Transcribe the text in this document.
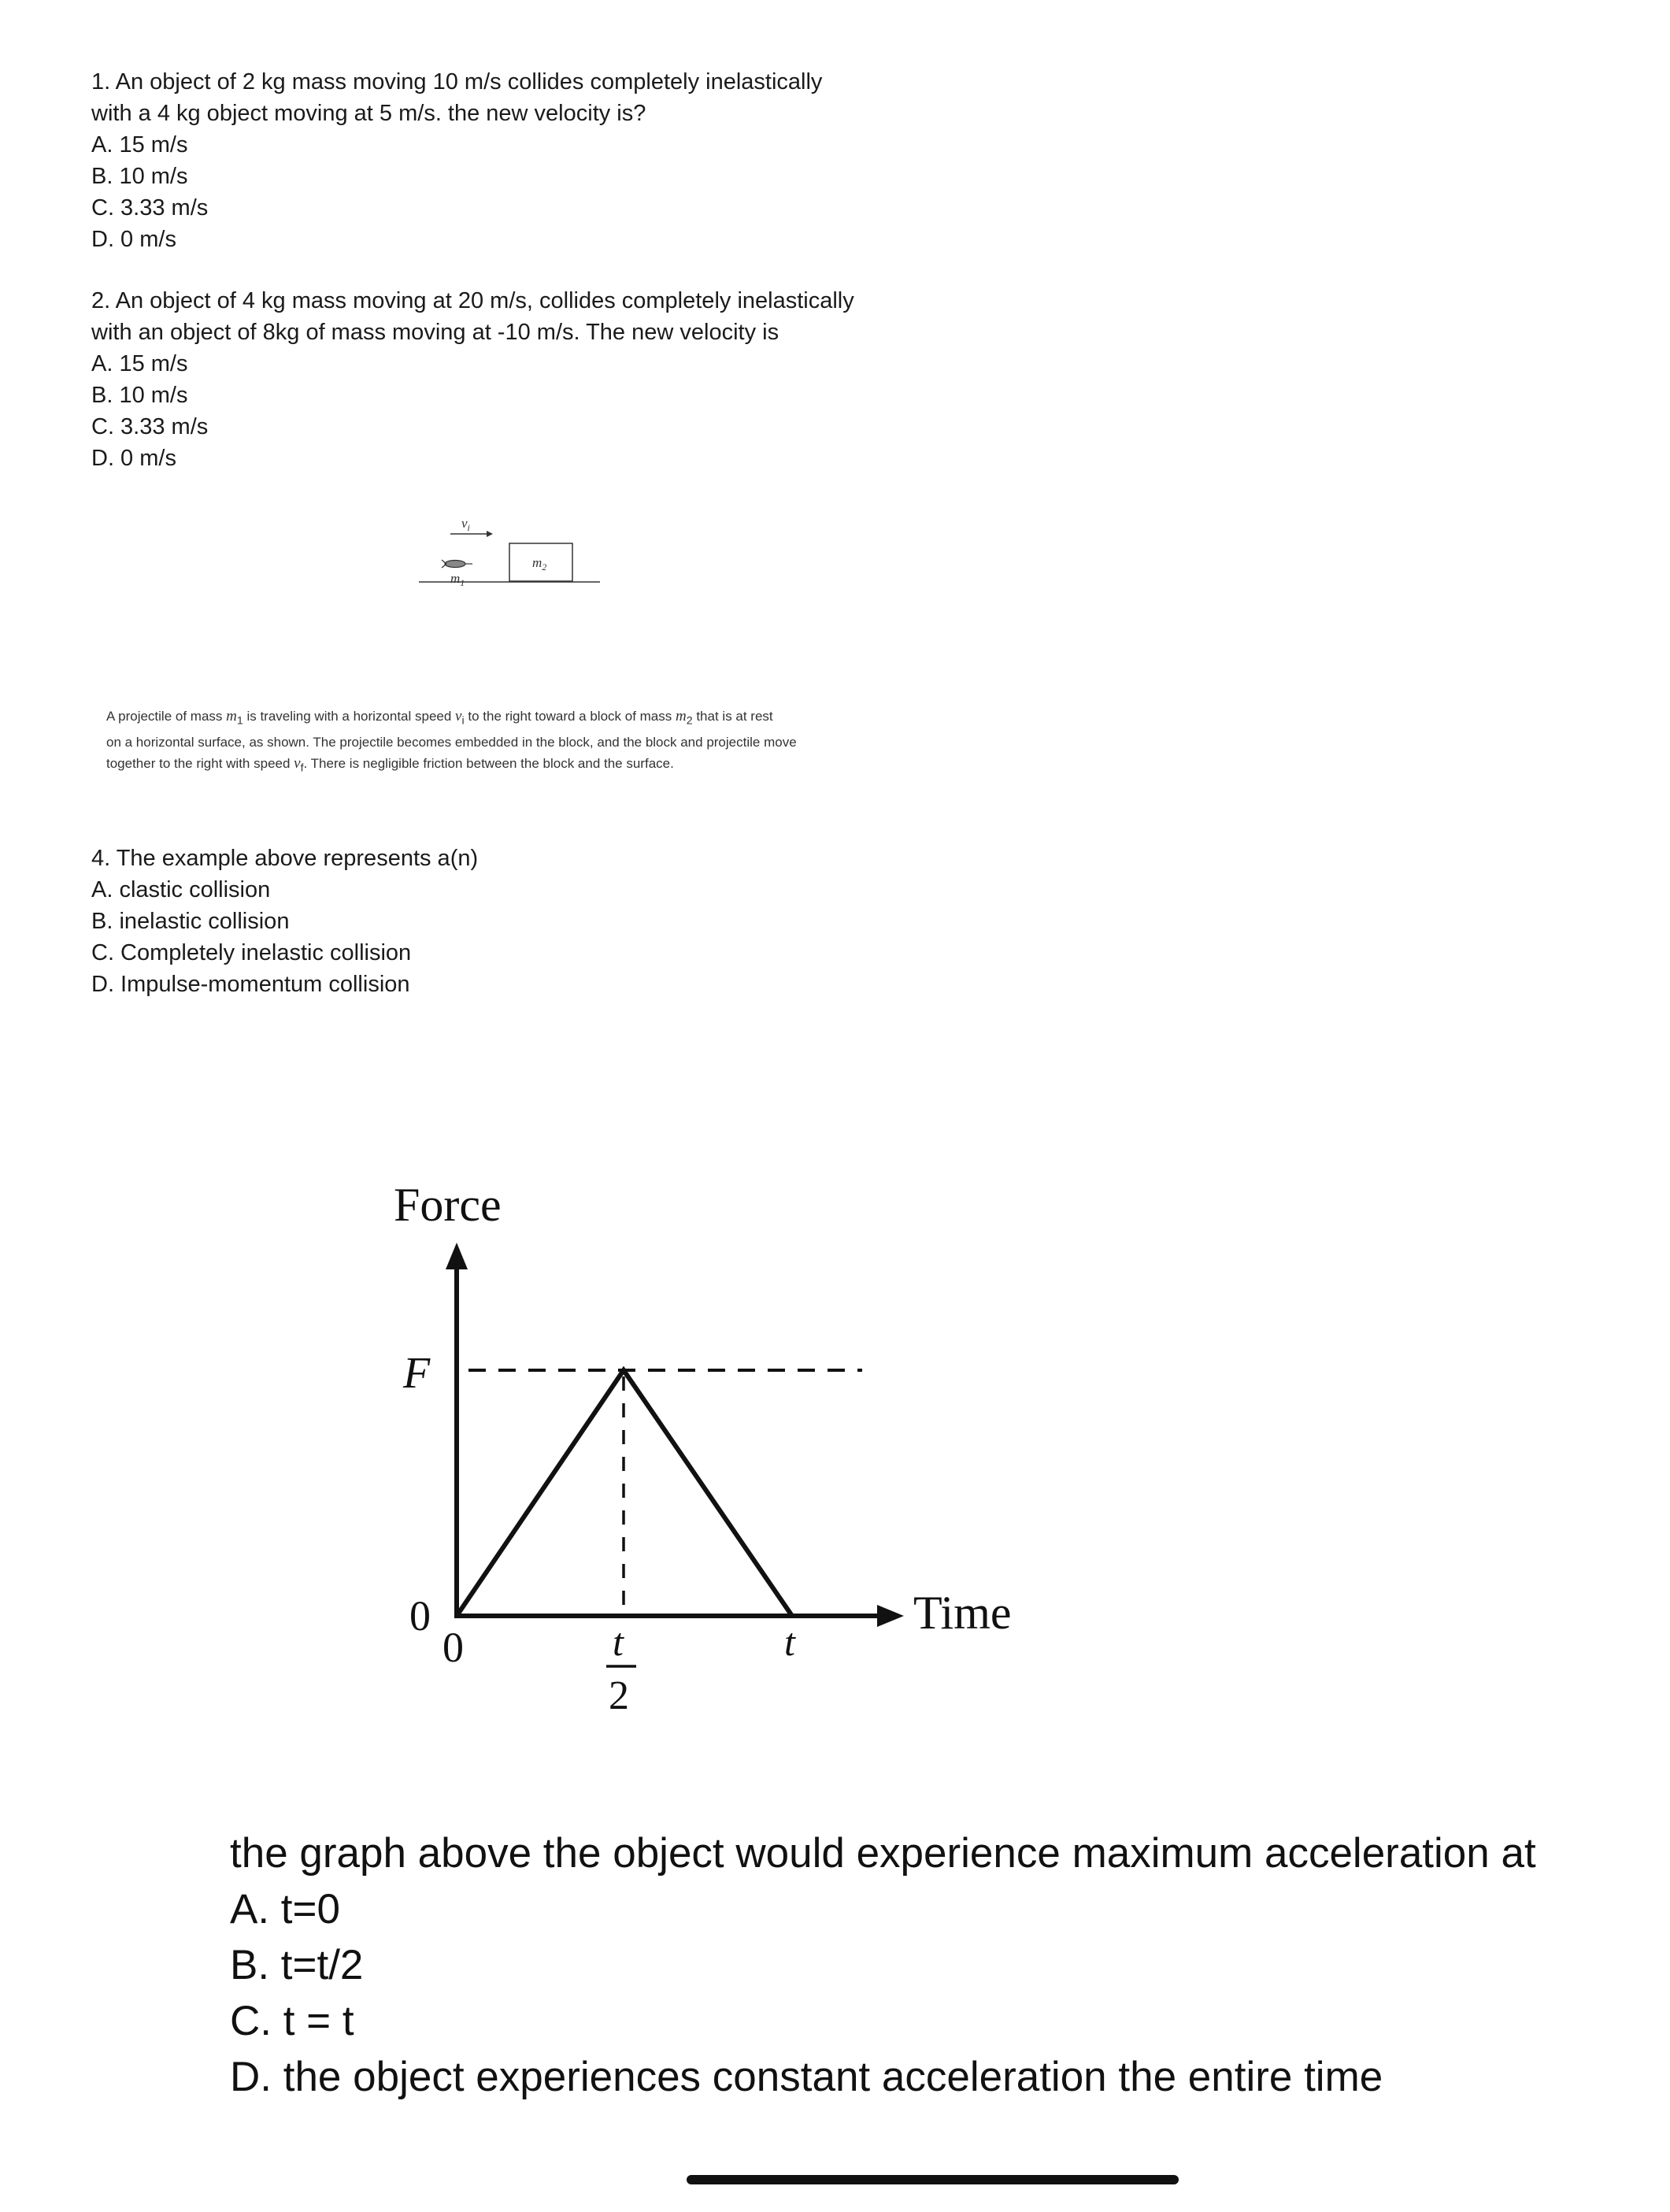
1. An object of 2 kg mass moving 10 m/s collides completely inelastically
with a 4 kg object moving at 5 m/s. the new velocity is?
A. 15 m/s
B. 10 m/s
C. 3.33 m/s
D. 0 m/s
2. An object of 4 kg mass moving at 20 m/s, collides completely inelastically
with an object of 8kg of mass moving at -10 m/s. The new velocity is
A. 15 m/s
B. 10 m/s
C. 3.33 m/s
D. 0 m/s
$v_i$
$m_1$
$m_2$
A projectile of mass $m_1$ is traveling with a horizontal speed $v_i$ to the right toward a block of mass $m_2$ that is at rest
on a horizontal surface, as shown. The projectile becomes embedded in the block, and the block and projectile move
together to the right with speed $v_f$. There is negligible friction between the block and the surface.
4. The example above represents a(n)
A. clastic collision
B. inelastic collision
C. Completely inelastic collision
D. Impulse-momentum collision
Force
F
0
0	t
2
t
Time
the graph above the object would experience maximum acceleration at
A. t=0
B. t=t/2
C. t = t
D. the object experiences constant acceleration the entire time
